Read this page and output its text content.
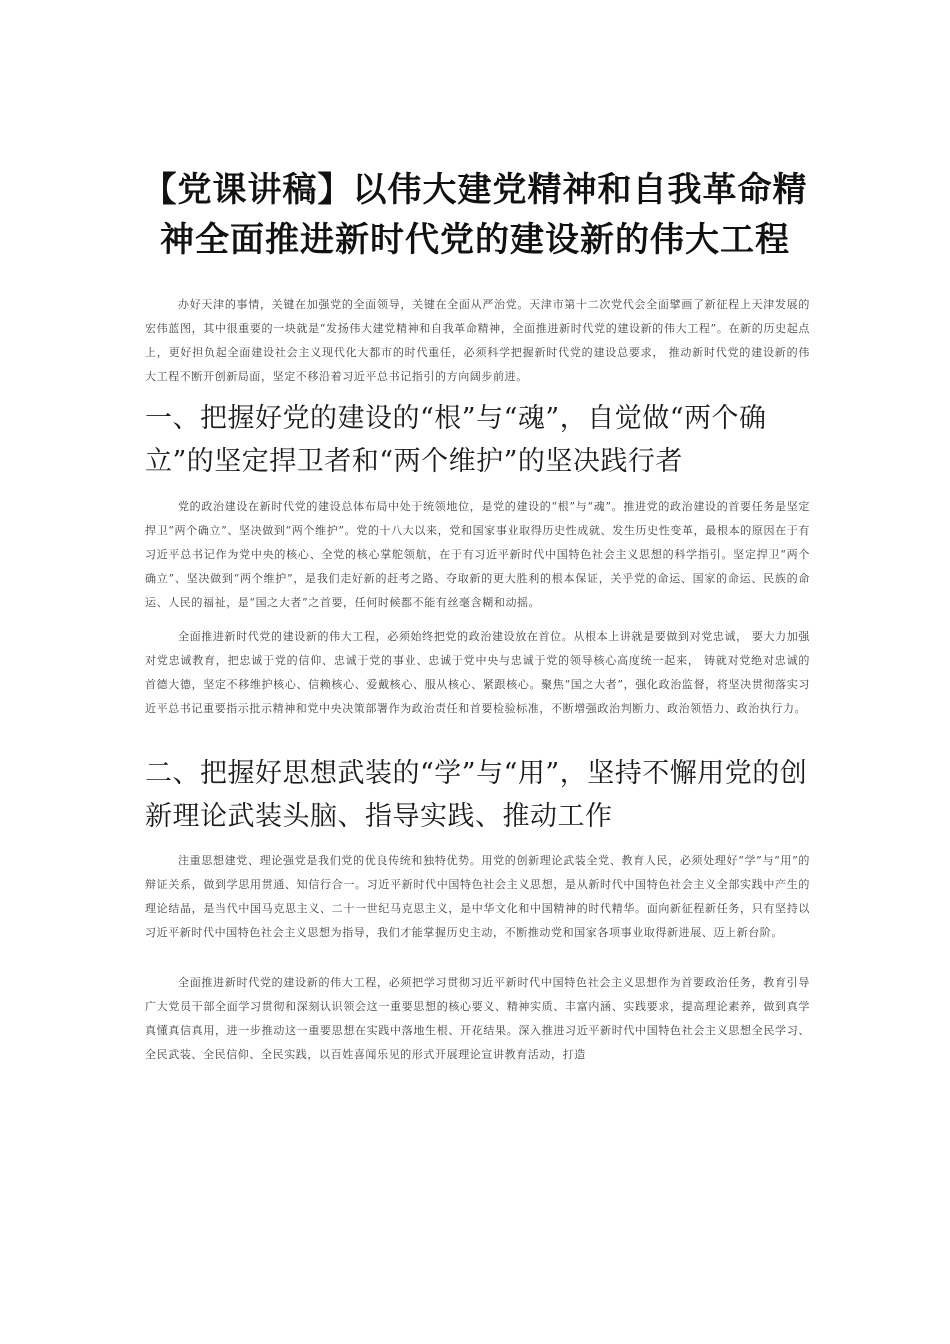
【党课讲稿】以伟大建党精神和自我革命精神全面推进新时代党的建设新的伟大工程

办好天津的事情，关键在加强党的全面领导，关键在全面从严治党。天津市第十二次党代会全面擘画了新征程上天津发展的宏伟蓝图，其中很重要的一块就是“发扬伟大建党精神和自我革命精神，全面推进新时代党的建设新的伟大工程”。在新的历史起点上，更好担负起全面建设社会主义现代化大都市的时代重任，必须科学把握新时代党的建设总要求， 推动新时代党的建设新的伟大工程不断开创新局面，坚定不移沿着习近平总书记指引的方向阔步前进。

一、把握好党的建设的“根”与“魂”，自觉做“两个确立”的坚定捍卫者和“两个维护”的坚决践行者

党的政治建设在新时代党的建设总体布局中处于统领地位，是党的建设的“根”与“魂”。推进党的政治建设的首要任务是坚定捍卫“两个确立”、坚决做到“两个维护”。党的十八大以来，党和国家事业取得历史性成就、发生历史性变革，最根本的原因在于有习近平总书记作为党中央的核心、全党的核心掌舵领航，在于有习近平新时代中国特色社会主义思想的科学指引。坚定捍卫“两个确立”、坚决做到“两个维护”，是我们走好新的赶考之路、夺取新的更大胜利的根本保证，关乎党的命运、国家的命运、民族的命运、人民的福祉，是“国之大者”之首要，任何时候都不能有丝毫含糊和动摇。

全面推进新时代党的建设新的伟大工程，必须始终把党的政治建设放在首位。从根本上讲就是要做到对党忠诚， 要大力加强对党忠诚教育，把忠诚于党的信仰、忠诚于党的事业、忠诚于党中央与忠诚于党的领导核心高度统一起来， 铸就对党绝对忠诚的首德大德，坚定不移维护核心、信赖核心、爱戴核心、服从核心、紧跟核心。聚焦“国之大者”，强化政治监督，将坚决贯彻落实习近平总书记重要指示批示精神和党中央决策部署作为政治责任和首要检验标准，不断增强政治判断力、政治领悟力、政治执行力。

二、把握好思想武装的“学”与“用”，坚持不懈用党的创新理论武装头脑、指导实践、推动工作

注重思想建党、理论强党是我们党的优良传统和独特优势。用党的创新理论武装全党、教育人民，必须处理好“学”与“用”的辩证关系，做到学思用贯通、知信行合一。习近平新时代中国特色社会主义思想，是从新时代中国特色社会主义全部实践中产生的理论结晶，是当代中国马克思主义、二十一世纪马克思主义，是中华文化和中国精神的时代精华。面向新征程新任务，只有坚持以习近平新时代中国特色社会主义思想为指导，我们才能掌握历史主动，不断推动党和国家各项事业取得新进展、迈上新台阶。

全面推进新时代党的建设新的伟大工程，必须把学习贯彻习近平新时代中国特色社会主义思想作为首要政治任务，教育引导广大党员干部全面学习贯彻和深刻认识领会这一重要思想的核心要义、精神实质、丰富内涵、实践要求，提高理论素养，做到真学真懂真信真用，进一步推动这一重要思想在实践中落地生根、开花结果。深入推进习近平新时代中国特色社会主义思想全民学习、全民武装、全民信仰、全民实践，以百姓喜闻乐见的形式开展理论宣讲教育活动，打造
